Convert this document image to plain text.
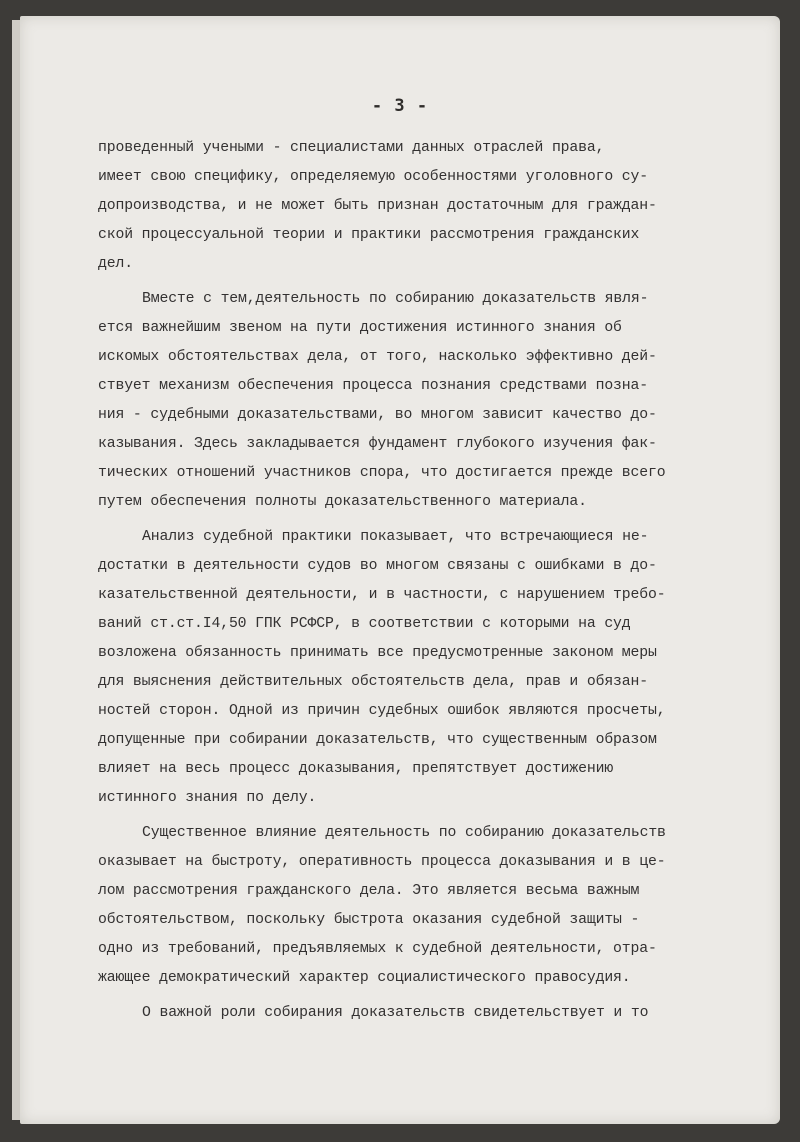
- 3 -
проведенный учеными - специалистами данных отраслей права,
имеет свою специфику, определяемую особенностями уголовного су-
допроизводства, и не может быть признан достаточным для граждан-
ской процессуальной теории и практики рассмотрения гражданских
дел.
Вместе с тем,деятельность по собиранию доказательств явля-
ется важнейшим звеном на пути достижения истинного знания об
искомых обстоятельствах дела, от того, насколько эффективно дей-
ствует механизм обеспечения процесса познания средствами позна-
ния - судебными доказательствами, во многом зависит качество до-
казывания. Здесь закладывается фундамент глубокого изучения фак-
тических отношений участников спора, что достигается прежде всего
путем обеспечения полноты доказательственного материала.
Анализ судебной практики показывает, что встречающиеся не-
достатки в деятельности судов во многом связаны с ошибками в до-
казательственной деятельности, и в частности, с нарушением требо-
ваний ст.ст.I4,50 ГПК РСФСР, в соответствии с которыми на суд
возложена обязанность принимать все предусмотренные законом меры
для выяснения действительных обстоятельств дела, прав и обязан-
ностей сторон. Одной из причин судебных ошибок являются просчеты,
допущенные при собирании доказательств, что существенным образом
влияет на весь процесс доказывания, препятствует достижению
истинного знания по делу.
Существенное влияние деятельность по собиранию доказательств
оказывает на быстроту, оперативность процесса доказывания и в це-
лом рассмотрения гражданского дела. Это является весьма важным
обстоятельством, поскольку быстрота оказания судебной защиты -
одно из требований, предъявляемых к судебной деятельности, отра-
жающее демократический характер социалистического правосудия.
О важной роли собирания доказательств свидетельствует и то
